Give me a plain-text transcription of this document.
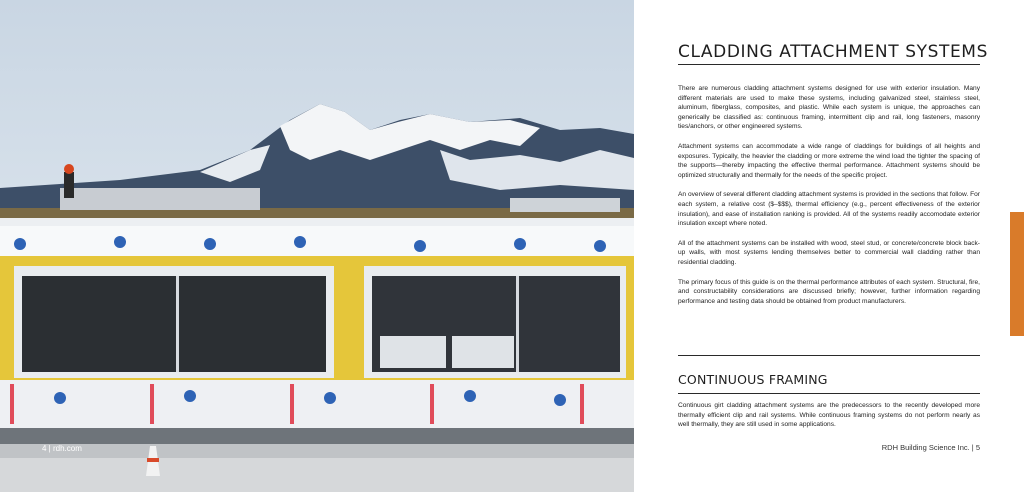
4 | rdh.com
CLADDING ATTACHMENT SYSTEMS

There are numerous cladding attachment systems designed for use with exterior insulation. Many different materials are used to make these systems, including galvanized steel, stainless steel, aluminum, fiberglass, composites, and plastic. While each system is unique, the approaches can generically be classified as: continuous framing, intermittent clip and rail, long fasteners, masonry ties/anchors, or other engineered systems.

Attachment systems can accommodate a wide range of claddings for buildings of all heights and exposures. Typically, the heavier the cladding or more extreme the wind load the tighter the spacing of the supports—thereby impacting the effective thermal performance. Attachment systems should be optimized structurally and thermally for the needs of the specific project.

An overview of several different cladding attachment systems is provided in the sections that follow. For each system, a relative cost ($–$$$), thermal efficiency (e.g., percent effectiveness of the exterior insulation), and ease of installation ranking is provided. All of the systems readily accomodate exterior insulation except where noted.

All of the attachment systems can be installed with wood, steel stud, or concrete/concrete block back-up walls, with most systems lending themselves better to commercial wall cladding rather than residential cladding.

The primary focus of this guide is on the thermal performance attributes of each system. Structural, fire, and constructability considerations are discussed briefly; however, further information regarding performance and testing data should be obtained from product manufacturers.

CONTINUOUS FRAMING

Continuous girt cladding attachment systems are the predecessors to the recently developed more thermally efficient clip and rail systems. While continuous framing systems do not perform nearly as well thermally, they are still used in some applications.

RDH Building Science Inc. | 5
